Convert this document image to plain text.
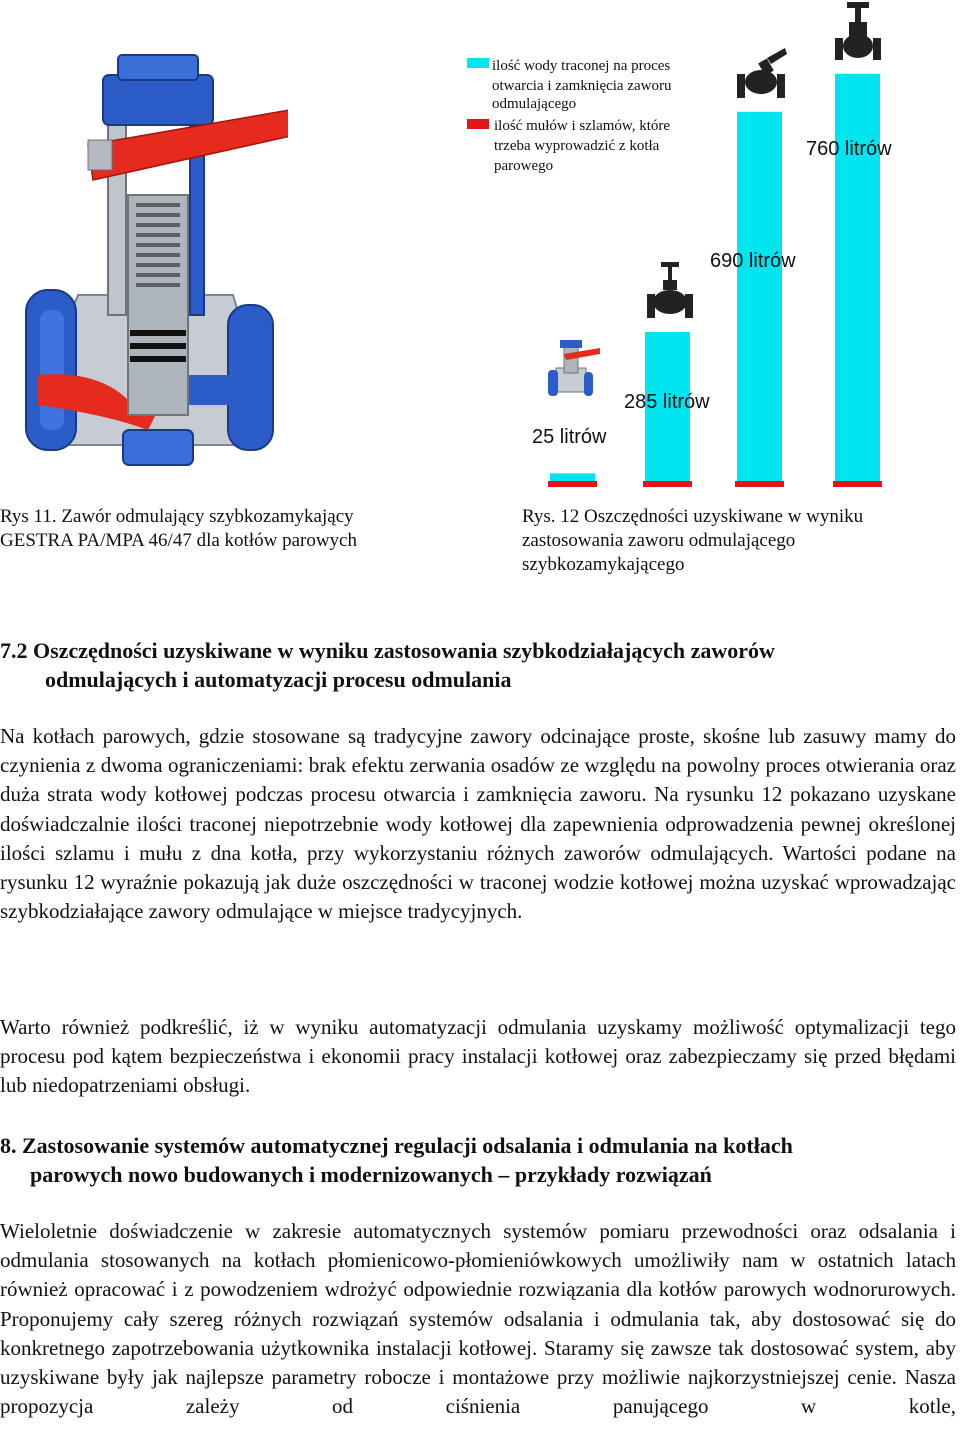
ilość wody traconej na proces
otwarcia i zamknięcia zaworu
odmulającego
ilość mułów i szlamów, które
trzeba wyprowadzić z kotła
parowego
25 litrów
285 litrów
690 litrów
760 litrów
Rys 11. Zawór odmulający szybkozamykający
GESTRA PA/MPA 46/47 dla kotłów parowych
Rys. 12 Oszczędności uzyskiwane w wyniku
zastosowania zaworu odmulającego
szybkozamykającego
7.2 Oszczędności uzyskiwane w wyniku zastosowania szybkodziałających zaworów
odmulających i automatyzacji procesu odmulania

Na kotłach parowych, gdzie stosowane są tradycyjne zawory odcinające proste, skośne lub zasuwy mamy do czynienia z dwoma ograniczeniami: brak efektu zerwania osadów ze względu na powolny proces otwierania oraz duża strata wody kotłowej podczas procesu otwarcia i zamknięcia zaworu. Na rysunku 12 pokazano uzyskane doświadczalnie ilości traconej niepotrzebnie wody kotłowej dla zapewnienia odprowadzenia pewnej określonej ilości szlamu i mułu z dna kotła, przy wykorzystaniu różnych zaworów odmulających. Wartości podane na rysunku 12 wyraźnie pokazują jak duże oszczędności w traconej wodzie kotłowej można uzyskać wprowadzając szybkodziałające zawory odmulające w miejsce tradycyjnych.

Warto również podkreślić, iż w wyniku automatyzacji odmulania uzyskamy możliwość optymalizacji tego procesu pod kątem bezpieczeństwa i ekonomii pracy instalacji kotłowej oraz zabezpieczamy się przed błędami lub niedopatrzeniami obsługi.

8. Zastosowanie systemów automatycznej regulacji odsalania i odmulania na kotłach
parowych nowo budowanych i modernizowanych – przykłady rozwiązań

Wieloletnie doświadczenie w zakresie automatycznych systemów pomiaru przewodności oraz odsalania i odmulania stosowanych na kotłach płomienicowo-płomieniówkowych umożliwiły nam w ostatnich latach również opracować i z powodzeniem wdrożyć odpowiednie rozwiązania dla kotłów parowych wodnorurowych. Proponujemy cały szereg różnych rozwiązań systemów odsalania i odmulania tak, aby dostosować się do konkretnego zapotrzebowania użytkownika instalacji kotłowej. Staramy się zawsze tak dostosować system, aby uzyskiwane były jak najlepsze parametry robocze i montażowe przy możliwie najkorzystniejszej cenie. Nasza propozycja zależy od ciśnienia panującego w kotle,
